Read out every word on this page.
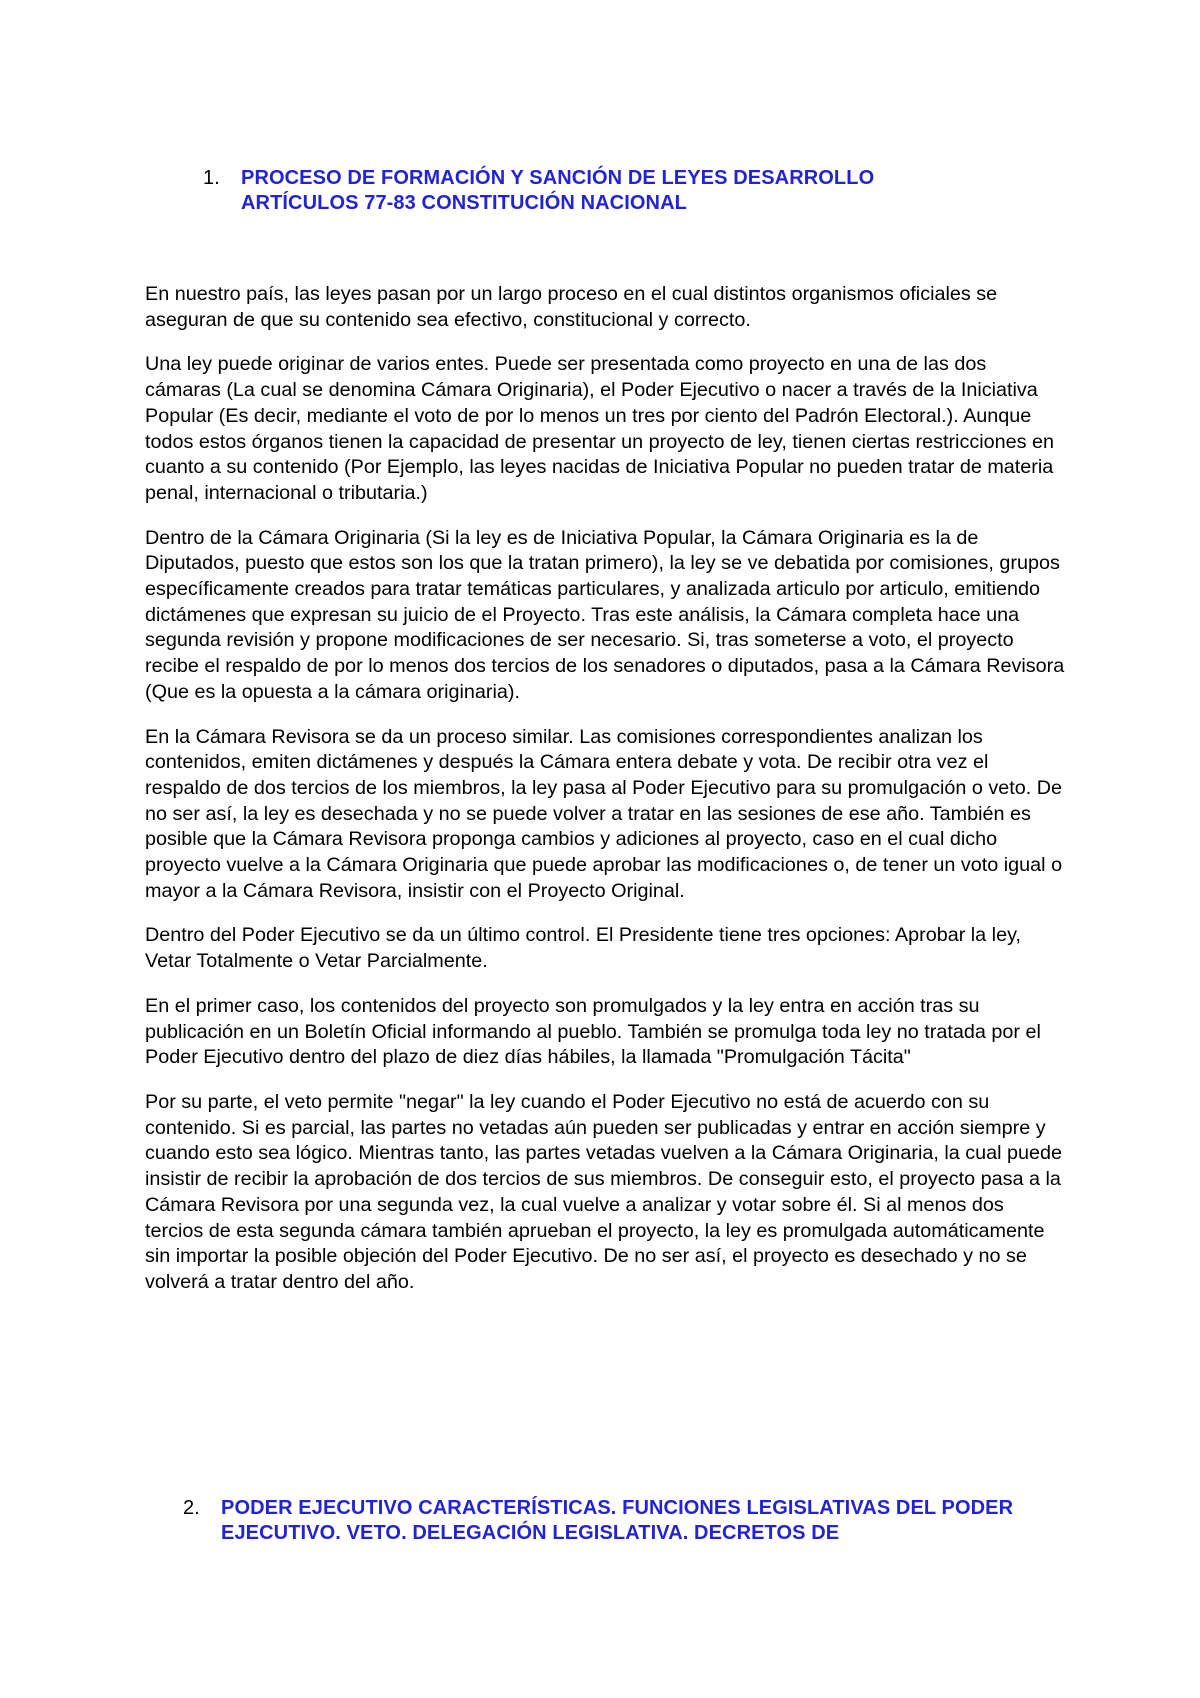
1.	PROCESO DE FORMACIÓN Y SANCIÓN DE LEYES DESARROLLO ARTÍCULOS 77-83 CONSTITUCIÓN NACIONAL

En nuestro país, las leyes pasan por un largo proceso en el cual distintos organismos oficiales se aseguran de que su contenido sea efectivo, constitucional y correcto.

Una ley puede originar de varios entes. Puede ser presentada como proyecto en una de las dos cámaras (La cual se denomina Cámara Originaria), el Poder Ejecutivo o nacer a través de la Iniciativa Popular (Es decir, mediante el voto de por lo menos un tres por ciento del Padrón Electoral.). Aunque todos estos órganos tienen la capacidad de presentar un proyecto de ley, tienen ciertas restricciones en cuanto a su contenido (Por Ejemplo, las leyes nacidas de Iniciativa Popular no pueden tratar de materia penal, internacional o tributaria.)

Dentro de la Cámara Originaria (Si la ley es de Iniciativa Popular, la Cámara Originaria es la de Diputados, puesto que estos son los que la tratan primero), la ley se ve debatida por comisiones, grupos específicamente creados para tratar temáticas particulares, y analizada articulo por articulo, emitiendo dictámenes que expresan su juicio de el Proyecto. Tras este análisis, la Cámara completa hace una segunda revisión y propone modificaciones de ser necesario. Si, tras someterse a voto, el proyecto recibe el respaldo de por lo menos dos tercios de los senadores o diputados, pasa a la Cámara Revisora (Que es la opuesta a la cámara originaria).

En la Cámara Revisora se da un proceso similar. Las comisiones correspondientes analizan los contenidos, emiten dictámenes y después la Cámara entera debate y vota. De recibir otra vez el respaldo de dos tercios de los miembros, la ley pasa al Poder Ejecutivo para su promulgación o veto. De no ser así, la ley es desechada y no se puede volver a tratar en las sesiones de ese año. También es posible que la Cámara Revisora proponga cambios y adiciones al proyecto, caso en el cual dicho proyecto vuelve a la Cámara Originaria que puede aprobar las modificaciones o, de tener un voto igual o mayor a la Cámara Revisora, insistir con el Proyecto Original.

Dentro del Poder Ejecutivo se da un último control. El Presidente tiene tres opciones: Aprobar la ley, Vetar Totalmente o Vetar Parcialmente.

En el primer caso, los contenidos del proyecto son promulgados y la ley entra en acción tras su publicación en un Boletín Oficial informando al pueblo. También se promulga toda ley no tratada por el Poder Ejecutivo dentro del plazo de diez días hábiles, la llamada "Promulgación Tácita"

Por su parte, el veto permite "negar" la ley cuando el Poder Ejecutivo no está de acuerdo con su contenido. Si es parcial, las partes no vetadas aún pueden ser publicadas y entrar en acción siempre y cuando esto sea lógico. Mientras tanto, las partes vetadas vuelven a la Cámara Originaria, la cual puede insistir de recibir la aprobación de dos tercios de sus miembros. De conseguir esto, el proyecto pasa a la Cámara Revisora por una segunda vez, la cual vuelve a analizar y votar sobre él. Si al menos dos tercios de esta segunda cámara también aprueban el proyecto, la ley es promulgada automáticamente sin importar la posible objeción del Poder Ejecutivo. De no ser así, el proyecto es desechado y no se volverá a tratar dentro del año.

2.	PODER EJECUTIVO CARACTERÍSTICAS. FUNCIONES LEGISLATIVAS DEL PODER EJECUTIVO. VETO. DELEGACIÓN LEGISLATIVA. DECRETOS DE
